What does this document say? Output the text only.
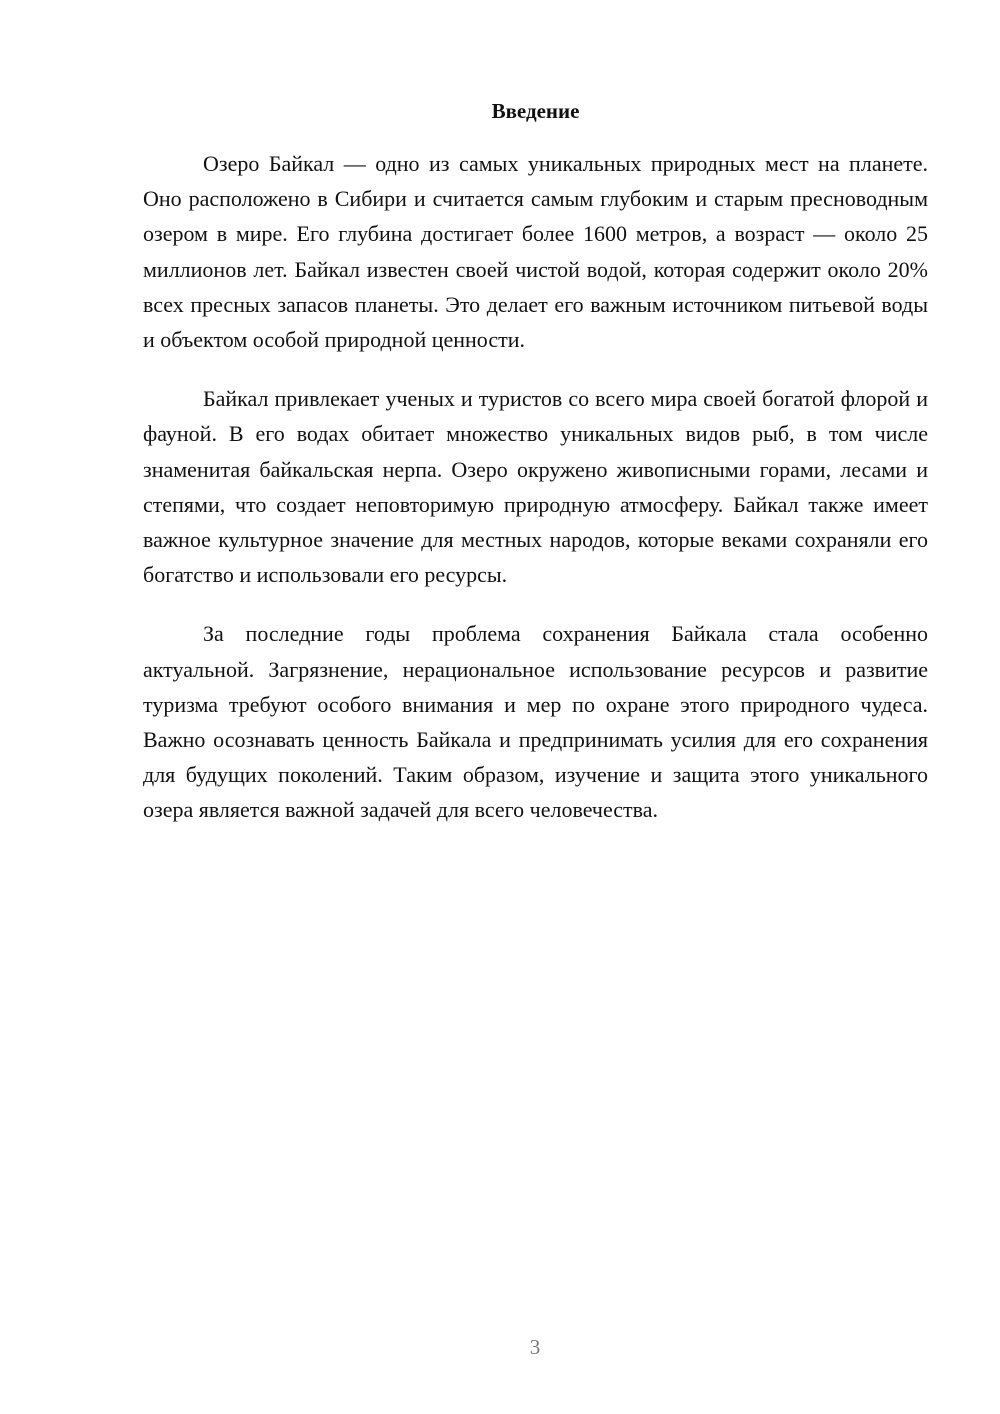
Введение

Озеро Байкал — одно из самых уникальных природных мест на планете. Оно расположено в Сибири и считается самым глубоким и старым пресноводным озером в мире. Его глубина достигает более 1600 метров, а возраст — около 25 миллионов лет. Байкал известен своей чистой водой, которая содержит около 20% всех пресных запасов планеты. Это делает его важным источником питьевой воды и объектом особой природной ценности.

Байкал привлекает ученых и туристов со всего мира своей богатой флорой и фауной. В его водах обитает множество уникальных видов рыб, в том числе знаменитая байкальская нерпа. Озеро окружено живописными горами, лесами и степями, что создает неповторимую природную атмосферу. Байкал также имеет важное культурное значение для местных народов, которые веками сохраняли его богатство и использовали его ресурсы.

За последние годы проблема сохранения Байкала стала особенно актуальной. Загрязнение, нерациональное использование ресурсов и развитие туризма требуют особого внимания и мер по охране этого природного чудеса. Важно осознавать ценность Байкала и предпринимать усилия для его сохранения для будущих поколений. Таким образом, изучение и защита этого уникального озера является важной задачей для всего человечества.

3
